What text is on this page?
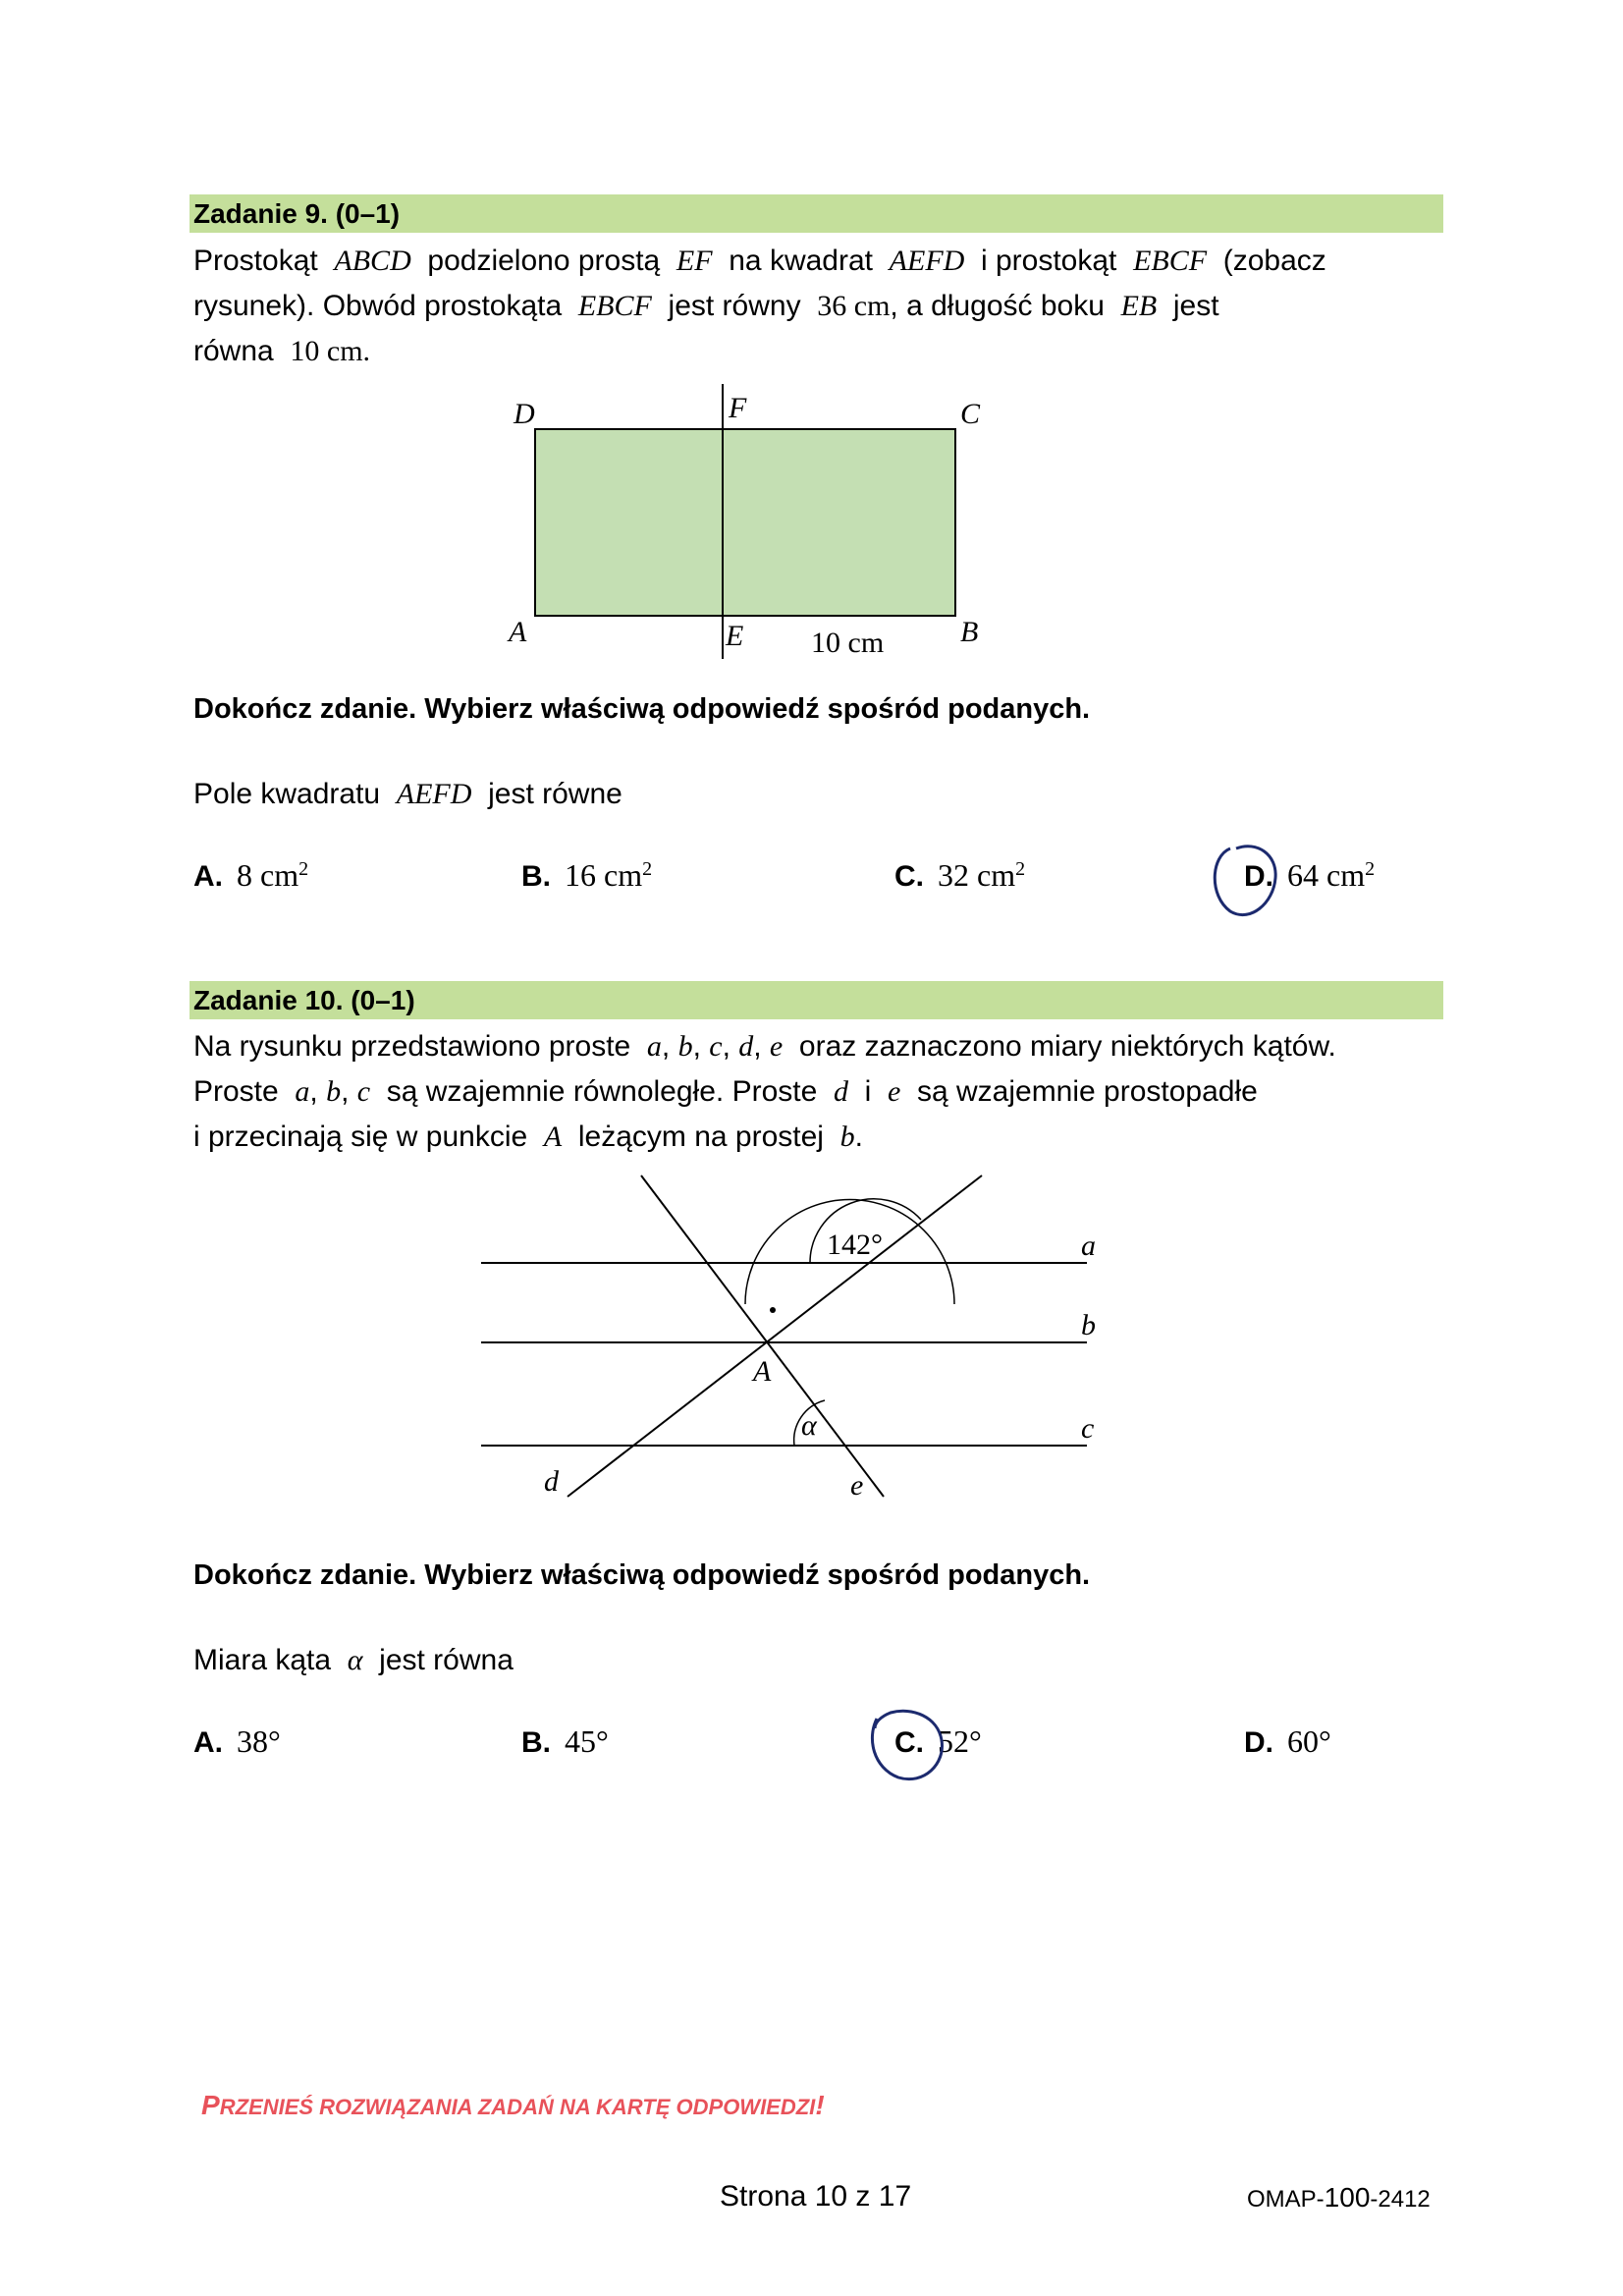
Zadanie 9. (0–1)
Prostokąt ABCD podzielono prostą EF na kwadrat AEFD i prostokąt EBCF (zobacz
rysunek). Obwód prostokąta EBCF jest równy 36 cm, a długość boku EB jest
równa 10 cm.
D	F	C
A	E 10 cm	B
Dokończ zdanie. Wybierz właściwą odpowiedź spośród podanych.
Pole kwadratu AEFD jest równe
A. 8 $cm^2$	B. 16 $cm^2$	C. 32 $cm^2$	D. 64 $cm^2$
Zadanie 10. (0–1)
Na rysunku przedstawiono proste a, b, c, d, e oraz zaznaczono miary niektórych kątów.
Proste a, b, c są wzajemnie równoległe. Proste d i e są wzajemnie prostopadłe
i przecinają się w punkcie A leżącym na prostej b.
142°
α
a
b
c
d	e
A
Dokończ zdanie. Wybierz właściwą odpowiedź spośród podanych.
Miara kąta α jest równa
A. 38°	B. 45°	C. 52°	D. 60°
PRZENIEŚ ROZWIĄZANIA ZADAŃ NA KARTĘ ODPOWIEDZI!
Strona 10 z 17	OMAP-100-2412
